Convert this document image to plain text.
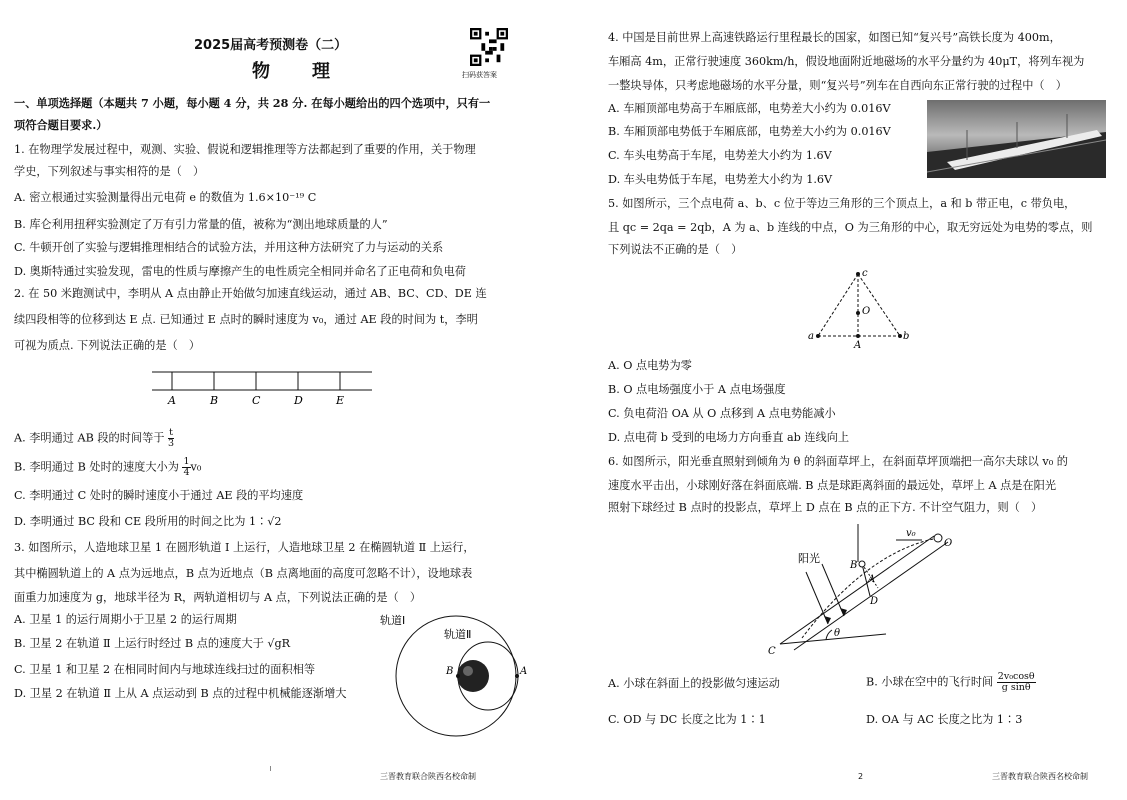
2025届高考预测卷（二）
物　理	扫码获答案
一、单项选择题（本题共 7 小题，每小题 4 分，共 28 分. 在每小题给出的四个选项中，只有一
项符合题目要求.）
1. 在物理学发展过程中，观测、实验、假说和逻辑推理等方法都起到了重要的作用，关于物理
学史，下列叙述与事实相符的是（　）
A. 密立根通过实验测量得出元电荷 e 的数值为 1.6×10⁻¹⁹ C
B. 库仑利用扭秤实验测定了万有引力常量的值，被称为“测出地球质量的人”
C. 牛顿开创了实验与逻辑推理相结合的试验方法，并用这种方法研究了力与运动的关系
D. 奥斯特通过实验发现，雷电的性质与摩擦产生的电性质完全相同并命名了正电荷和负电荷
2. 在 50 米跑测试中，李明从 A 点由静止开始做匀加速直线运动，通过 AB、BC、CD、DE 连
续四段相等的位移到达 E 点. 已知通过 E 点时的瞬时速度为 v₀，通过 AE 段的时间为 t，李明
可视为质点. 下列说法正确的是（　）
A	B	C	D	E
A. 李明通过 AB 段的时间等于 $\frac{t}{3}$
B. 李明通过 B 处时的速度大小为 $\frac{1}{4} v_0$
C. 李明通过 C 处时的瞬时速度小于通过 AE 段的平均速度
D. 李明通过 BC 段和 CE 段所用的时间之比为 1∶√2
3. 如图所示，人造地球卫星 1 在圆形轨道 Ⅰ 上运行，人造地球卫星 2 在椭圆轨道 Ⅱ 上运行，
其中椭圆轨道上的 A 点为远地点，B 点为近地点（B 点离地面的高度可忽略不计），设地球表
面重力加速度为 g，地球半径为 R，两轨道相切与 A 点，下列说法正确的是（　）
A. 卫星 1 的运行周期小于卫星 2 的运行周期
B. 卫星 2 在轨道 Ⅱ 上运行时经过 B 点的速度大于 √gR
C. 卫星 1 和卫星 2 在相同时间内与地球连线扫过的面积相等
D. 卫星 2 在轨道 Ⅱ 上从 A 点运动到 B 点的过程中机械能逐渐增大
轨道Ⅰ
轨道Ⅱ
A
B
三晋教育联合陕西名校命制
4. 中国是目前世界上高速铁路运行里程最长的国家，如图已知“复兴号”高铁长度为 400m，
车厢高 4m，正常行驶速度 360km/h，假设地面附近地磁场的水平分量约为 40μT，将列车视为
一整块导体，只考虑地磁场的水平分量，则“复兴号”列车在自西向东正常行驶的过程中（　）
A. 车厢顶部电势高于车厢底部，电势差大小约为 0.016V
B. 车厢顶部电势低于车厢底部，电势差大小约为 0.016V
C. 车头电势高于车尾，电势差大小约为 1.6V
D. 车头电势低于车尾，电势差大小约为 1.6V
5. 如图所示，三个点电荷 a、b、c 位于等边三角形的三个顶点上，a 和 b 带正电，c 带负电，
且 qc = 2qa = 2qb，A 为 a、b 连线的中点，O 为三角形的中心，取无穷远处为电势的零点，则
下列说法不正确的是（　）
c
O
a
A
b
A. O 点电势为零
B. O 点电场强度小于 A 点电场强度
C. 负电荷沿 OA 从 O 点移到 A 点电势能减小
D. 点电荷 b 受到的电场力方向垂直 ab 连线向上
6. 如图所示，阳光垂直照射到倾角为 θ 的斜面草坪上，在斜面草坪顶端把一高尔夫球以 v₀ 的
速度水平击出，小球刚好落在斜面底端. B 点是球距离斜面的最远处，草坪上 A 点是在阳光
照射下球经过 B 点时的投影点，草坪上 D 点在 B 点的正下方. 不计空气阻力，则（　）
阳光
v₀
O
B
A
D
C
θ
A. 小球在斜面上的投影做匀速运动	B. 小球在空中的飞行时间 $\frac{\text{2v₀cosθ}}{\text{g sinθ}}$
C. OD 与 DC 长度之比为 1∶1	D. OA 与 AC 长度之比为 1∶3
2	三晋教育联合陕西名校命制
